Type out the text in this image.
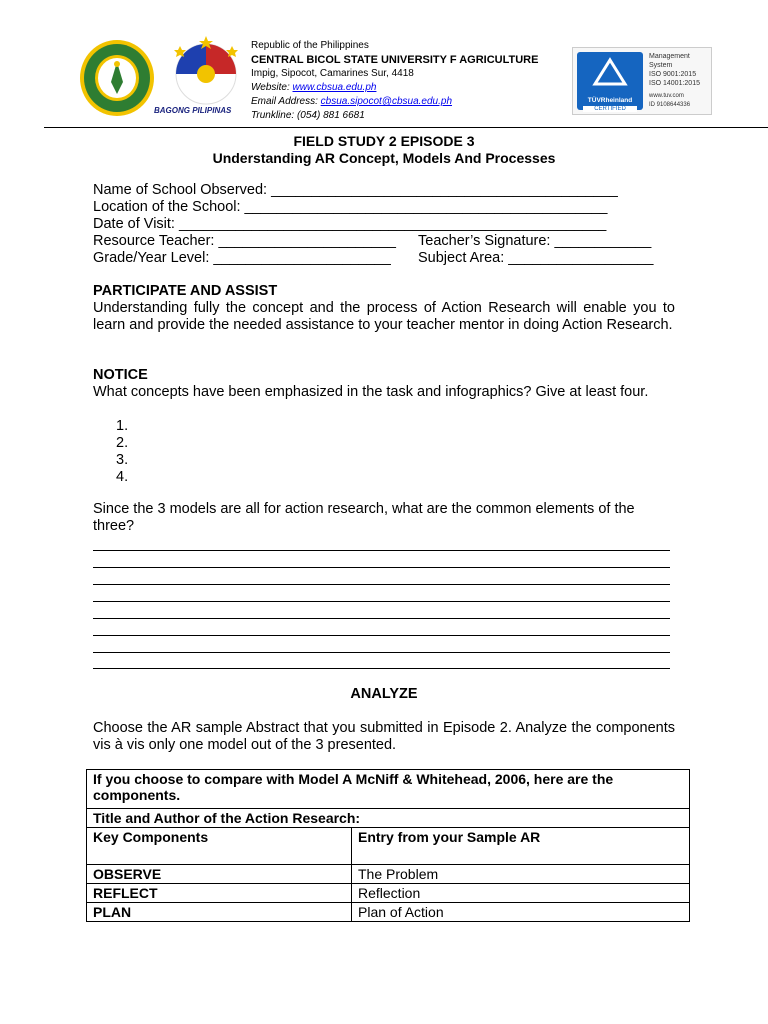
BAGONG PILIPINAS
Republic of the Philippines
CENTRAL BICOL STATE UNIVERSITY F AGRICULTURE
Impig, Sipocot, Camarines Sur, 4418
Website: www.cbsua.edu.ph
Email Address: cbsua.sipocot@cbsua.edu.ph
Trunkline: (054) 881 6681
TÜVRheinland
CERTIFIED
Management
System
ISO 9001:2015
ISO 14001:2015
www.tuv.com
ID 9108644336
FIELD STUDY 2 EPISODE 3
Understanding AR Concept, Models And Processes
Name of School Observed: ___________________________________________
Location of the School: _____________________________________________
Date of Visit: _____________________________________________________
Resource Teacher: ______________________ Teacher’s Signature: ____________
Grade/Year Level: ______________________ Subject Area: __________________
PARTICIPATE AND ASSIST
Understanding fully the concept and the process of Action Research will enable you to learn and provide the needed assistance to your teacher mentor in doing Action Research.
NOTICE
What concepts have been emphasized in the task and infographics? Give at least four.
1.
2.
3.
4.
Since the 3 models are all for action research, what are the common elements of the three?
ANALYZE
Choose the AR sample Abstract that you submitted in Episode 2. Analyze the components vis à vis only one model out of the 3 presented.
If you choose to compare with Model A McNiff & Whitehead, 2006, here are the components.	
Title and Author of the Action Research:	
Key Components	Entry from your Sample AR
OBSERVE	The Problem
REFLECT	Reflection
PLAN	Plan of Action
